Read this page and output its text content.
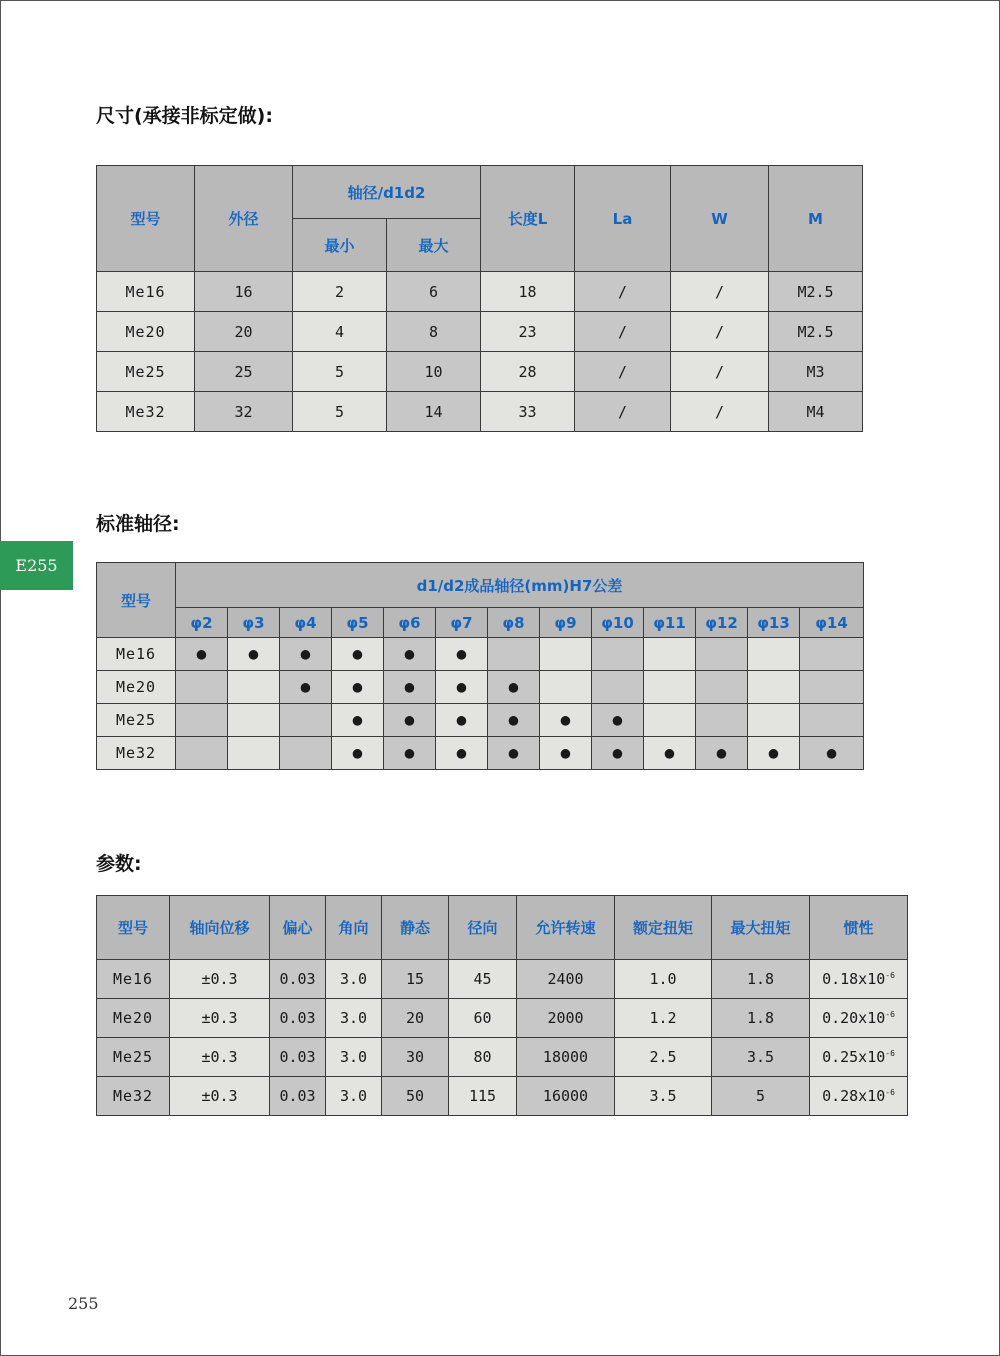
尺寸(承接非标定做):
型号	外径	轴径/d1d2		长度L	La	W	M
		最小	最大				
Me16	16	2	6	18	/	/	M2.5
Me20	20	4	8	23	/	/	M2.5
Me25	25	5	10	28	/	/	M3
Me32	32	5	14	33	/	/	M4
标准轴径:
E255
型号	d1/d2成品轴径(mm)H7公差												
	φ2	φ3	φ4	φ5	φ6	φ7	φ8	φ9	φ10	φ11	φ12	φ13	φ14
Me16	●	●	●	●	●	●							
Me20			●	●	●	●	●						
Me25				●	●	●	●	●	●				
Me32				●	●	●	●	●	●	●	●	●	●
参数:
型号	轴向位移	偏心	角向	静态	径向	允许转速	额定扭矩	最大扭矩	惯性
Me16	±0.3	0.03	3.0	15	45	2400	1.0	1.8	$0.18x10^{-6}$
Me20	±0.3	0.03	3.0	20	60	2000	1.2	1.8	$0.20x10^{-6}$
Me25	±0.3	0.03	3.0	30	80	18000	2.5	3.5	$0.25x10^{-6}$
Me32	±0.3	0.03	3.0	50	115	16000	3.5	5	$0.28x10^{-6}$
255
